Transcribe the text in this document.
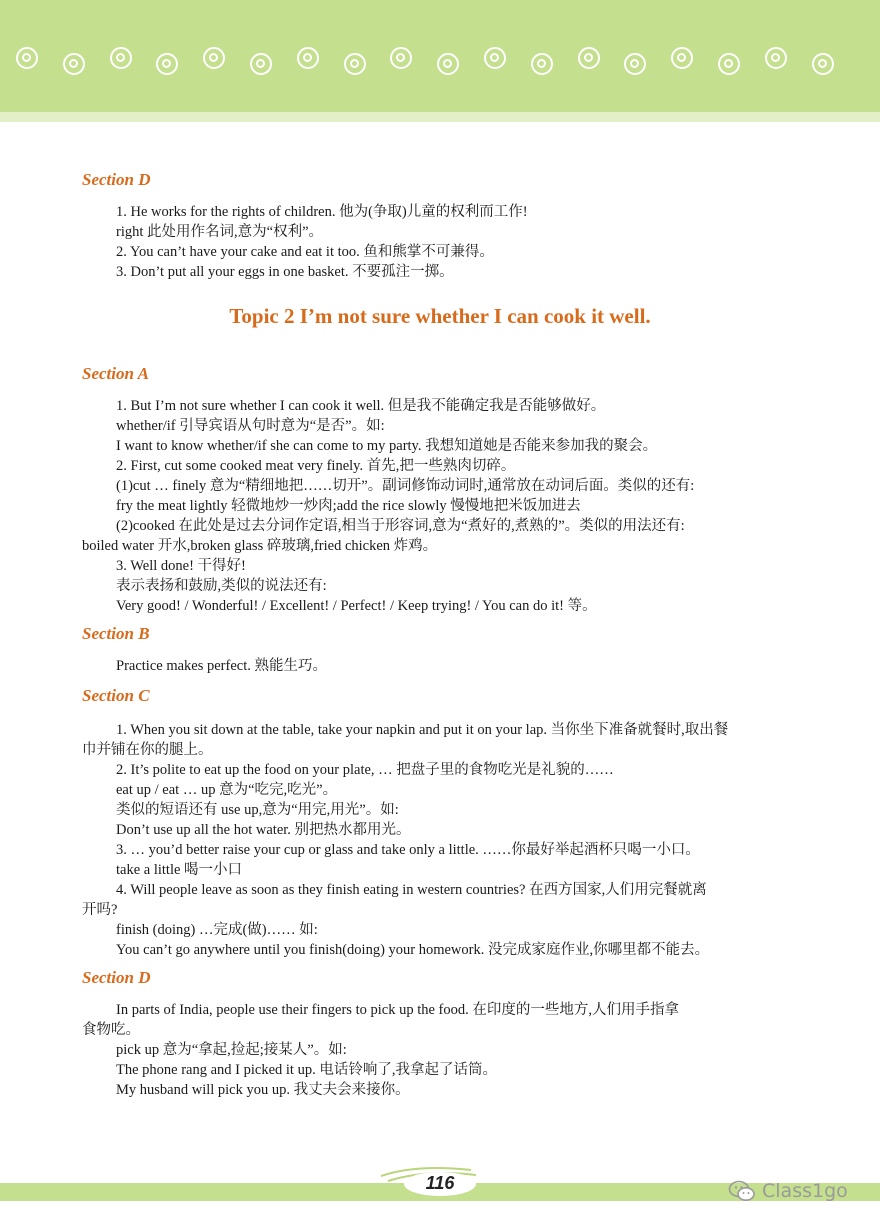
Section D
1. He works for the rights of children. 他为(争取)儿童的权利而工作!
right 此处用作名词,意为“权利”。
2. You can’t have your cake and eat it too. 鱼和熊掌不可兼得。
3. Don’t put all your eggs in one basket. 不要孤注一掷。
Topic 2 I’m not sure whether I can cook it well.
Section A
1. But I’m not sure whether I can cook it well. 但是我不能确定我是否能够做好。
whether/if 引导宾语从句时意为“是否”。如:
I want to know whether/if she can come to my party. 我想知道她是否能来参加我的聚会。
2. First, cut some cooked meat very finely. 首先,把一些熟肉切碎。
(1)cut … finely 意为“精细地把……切开”。副词修饰动词时,通常放在动词后面。类似的还有:
fry the meat lightly 轻微地炒一炒肉;add the rice slowly 慢慢地把米饭加进去
(2)cooked 在此处是过去分词作定语,相当于形容词,意为“煮好的,煮熟的”。类似的用法还有:
boiled water 开水,broken glass 碎玻璃,fried chicken 炸鸡。
3. Well done! 干得好!
表示表扬和鼓励,类似的说法还有:
Very good! / Wonderful! / Excellent! / Perfect! / Keep trying! / You can do it! 等。
Section B
Practice makes perfect. 熟能生巧。
Section C
1. When you sit down at the table, take your napkin and put it on your lap. 当你坐下准备就餐时,取出餐
巾并铺在你的腿上。
2. It’s polite to eat up the food on your plate, … 把盘子里的食物吃光是礼貌的……
eat up / eat … up 意为“吃完,吃光”。
类似的短语还有 use up,意为“用完,用光”。如:
Don’t use up all the hot water. 别把热水都用光。
3. … you’d better raise your cup or glass and take only a little. ……你最好举起酒杯只喝一小口。
take a little 喝一小口
4. Will people leave as soon as they finish eating in western countries? 在西方国家,人们用完餐就离
开吗?
finish (doing) …完成(做)…… 如:
You can’t go anywhere until you finish(doing) your homework. 没完成家庭作业,你哪里都不能去。
Section D
In parts of India, people use their fingers to pick up the food. 在印度的一些地方,人们用手指拿
食物吃。
pick up 意为“拿起,捡起;接某人”。如:
The phone rang and I picked it up. 电话铃响了,我拿起了话筒。
My husband will pick you up. 我丈夫会来接你。
116	Class1go
